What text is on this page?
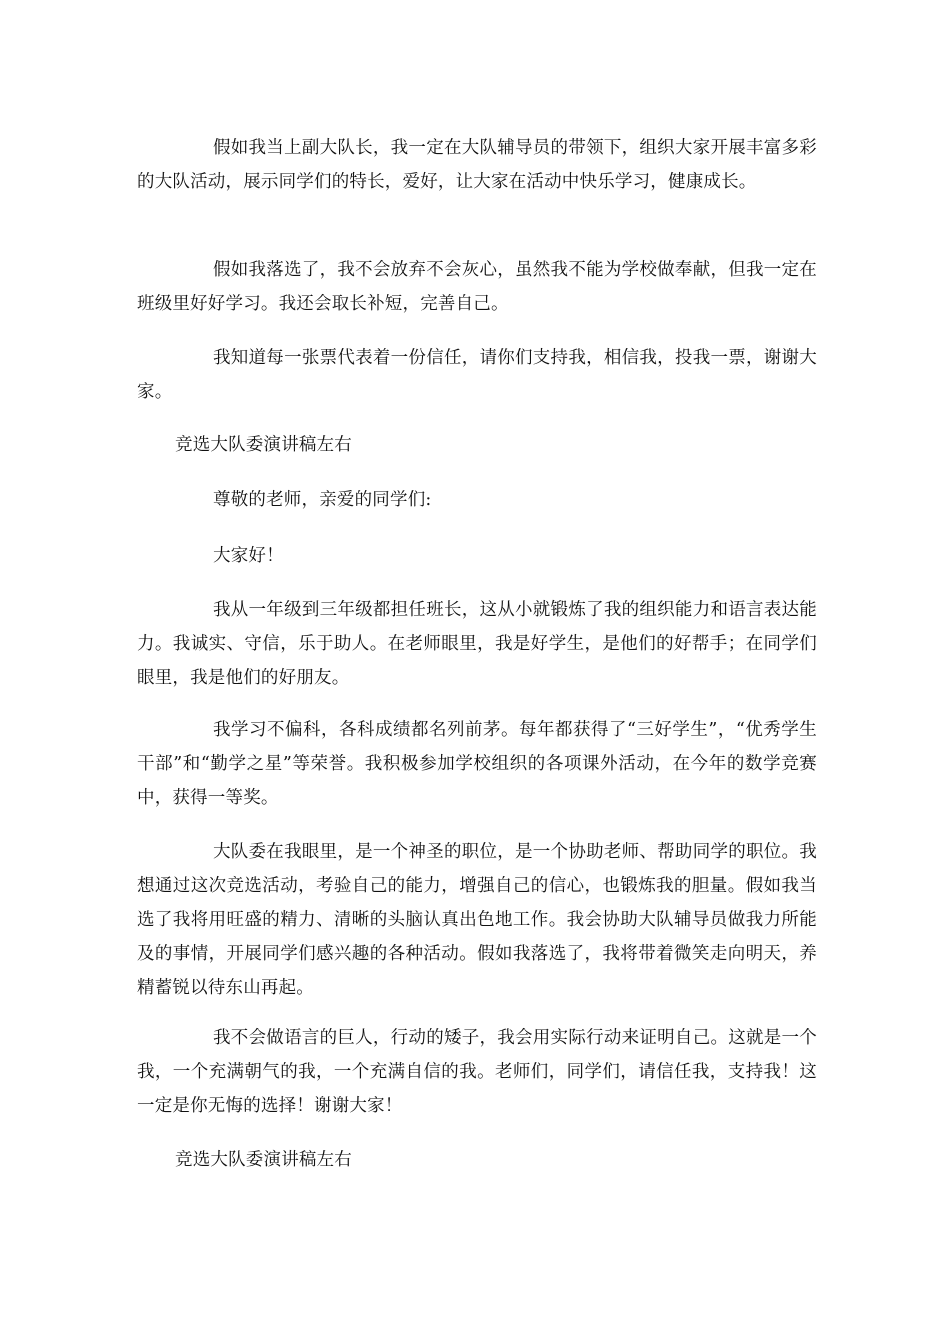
假如我当上副大队长，我一定在大队辅导员的带领下，组织大家开展丰富多彩的大队活动，展示同学们的特长，爱好，让大家在活动中快乐学习，健康成长。

假如我落选了，我不会放弃不会灰心，虽然我不能为学校做奉献，但我一定在班级里好好学习。我还会取长补短，完善自己。

我知道每一张票代表着一份信任，请你们支持我，相信我，投我一票，谢谢大家。

竞选大队委演讲稿左右

尊敬的老师，亲爱的同学们:

大家好！

我从一年级到三年级都担任班长，这从小就锻炼了我的组织能力和语言表达能力。我诚实、守信，乐于助人。在老师眼里，我是好学生，是他们的好帮手；在同学们眼里，我是他们的好朋友。

我学习不偏科，各科成绩都名列前茅。每年都获得了“三好学生”，“优秀学生干部”和“勤学之星”等荣誉。我积极参加学校组织的各项课外活动，在今年的数学竞赛中，获得一等奖。

大队委在我眼里，是一个神圣的职位，是一个协助老师、帮助同学的职位。我想通过这次竞选活动，考验自己的能力，增强自己的信心，也锻炼我的胆量。假如我当选了我将用旺盛的精力、清晰的头脑认真出色地工作。我会协助大队辅导员做我力所能及的事情，开展同学们感兴趣的各种活动。假如我落选了，我将带着微笑走向明天，养精蓄锐以待东山再起。

我不会做语言的巨人，行动的矮子，我会用实际行动来证明自己。这就是一个我，一个充满朝气的我，一个充满自信的我。老师们，同学们，请信任我，支持我！这一定是你无悔的选择！谢谢大家！

竞选大队委演讲稿左右
